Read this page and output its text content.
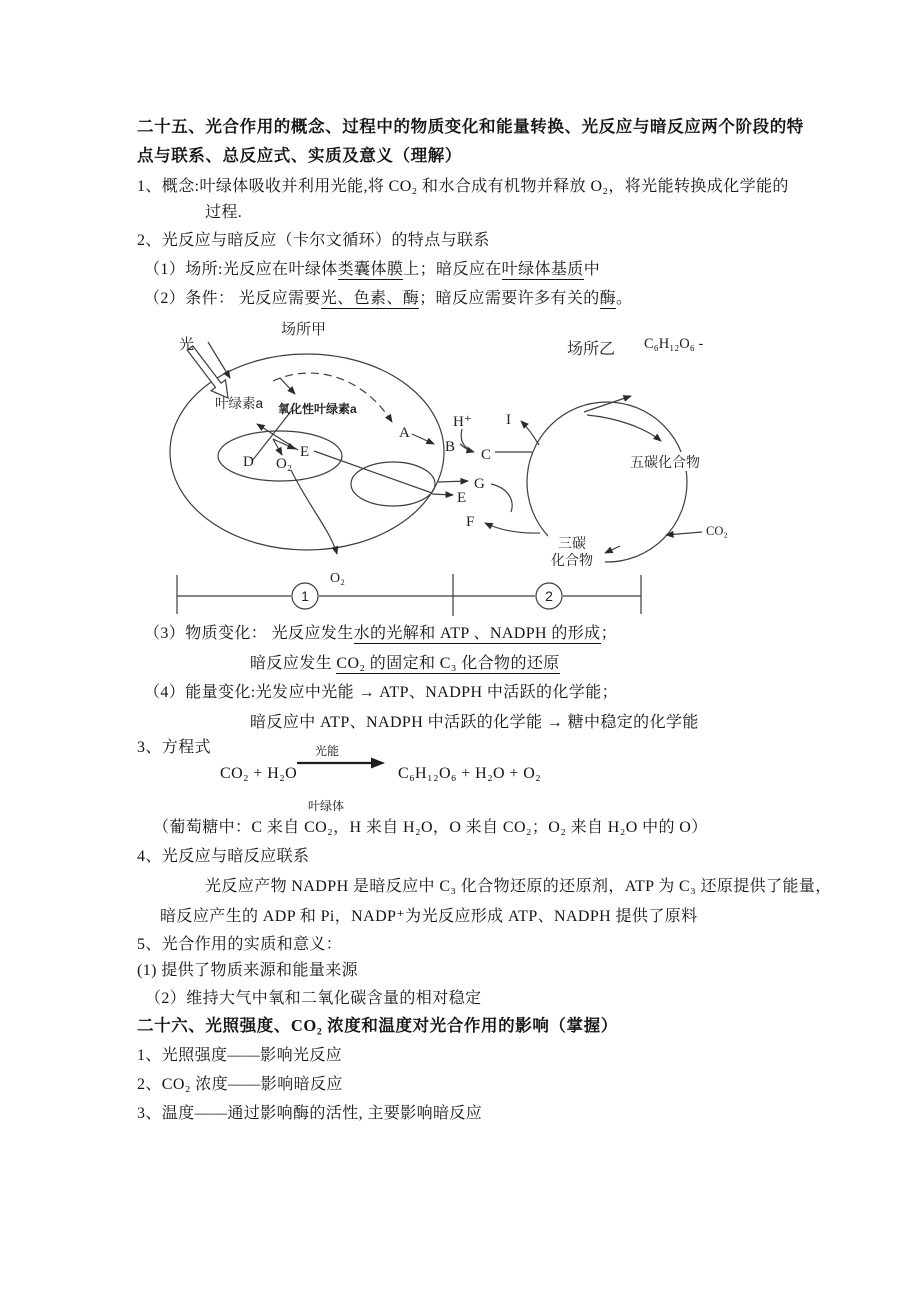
二十五、光合作用的概念、过程中的物质变化和能量转换、光反应与暗反应两个阶段的特
点与联系、总反应式、实质及意义（理解）
1、概念:叶绿体吸收并利用光能,将 CO₂ 和水合成有机物并释放 O₂，将光能转换成化学能的
过程.
2、光反应与暗反应（卡尔文循环）的特点与联系
（1）场所:光反应在叶绿体类囊体膜上；暗反应在叶绿体基质中
（2）条件： 光反应需要光、色素、酶；暗反应需要许多有关的酶。
1	2
场所甲
场所乙
光
叶绿素a 氧化性叶绿素a
D O₂
E
A
B
H⁺
C
I
G
E
F
C₆H₁₂O₆ -
五碳化合物
三碳
化合物
CO₂
O₂
（3）物质变化： 光反应发生水的光解和 ATP 、NADPH 的形成；
暗反应发生 CO₂ 的固定和 C₃ 化合物的还原
（4）能量变化:光发应中光能 → ATP、NADPH 中活跃的化学能；
暗反应中 ATP、NADPH 中活跃的化学能 → 糖中稳定的化学能
3、方程式	光能
CO₂ + H₂O	C₆H₁₂O₆ + H₂O + O₂
叶绿体
（葡萄糖中：C 来自 CO₂，H 来自 H₂O，O 来自 CO₂；O₂ 来自 H₂O 中的 O）
4、光反应与暗反应联系
光反应产物 NADPH 是暗反应中 C₃ 化合物还原的还原剂，ATP 为 C₃ 还原提供了能量，
暗反应产生的 ADP 和 Pi，NADP⁺为光反应形成 ATP、NADPH 提供了原料
5、光合作用的实质和意义：
(1) 提供了物质来源和能量来源
（2）维持大气中氧和二氧化碳含量的相对稳定
二十六、光照强度、CO₂ 浓度和温度对光合作用的影响（掌握）
1、光照强度——影响光反应
2、CO₂ 浓度——影响暗反应
3、温度——通过影响酶的活性, 主要影响暗反应
